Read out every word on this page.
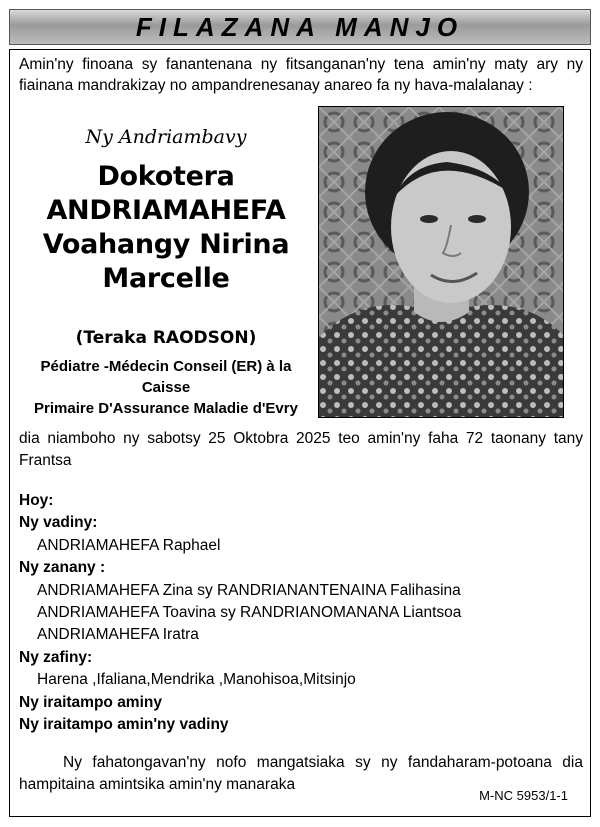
FILAZANA MANJO
Amin'ny finoana sy fanantenana ny fitsanganan'ny tena amin'ny maty ary ny fiainana mandrakizay no ampandrenesanay anareo fa ny hava-malalanay :
Ny Andriambavy
Dokotera
ANDRIAMAHEFA
Voahangy Nirina
Marcelle
(Teraka RAODSON)
Pédiatre -Médecin Conseil (ER) à la Caisse
Primaire D'Assurance Maladie d'Evry
dia niamboho ny sabotsy 25 Oktobra 2025 teo amin'ny faha 72 taonany tany Frantsa
Hoy:
Ny vadiny:
ANDRIAMAHEFA Raphael
Ny zanany :
ANDRIAMAHEFA Zina sy RANDRIANANTENAINA Falihasina
ANDRIAMAHEFA Toavina sy RANDRIANOMANANA Liantsoa
ANDRIAMAHEFA Iratra
Ny zafiny:
Harena ,Ifaliana,Mendrika ,Manohisoa,Mitsinjo
Ny iraitampo aminy
Ny iraitampo amin'ny vadiny
Ny fahatongavan'ny nofo mangatsiaka sy ny fandaharam-potoana dia hampitaina amintsika amin'ny manaraka
M-NC 5953/1-1
